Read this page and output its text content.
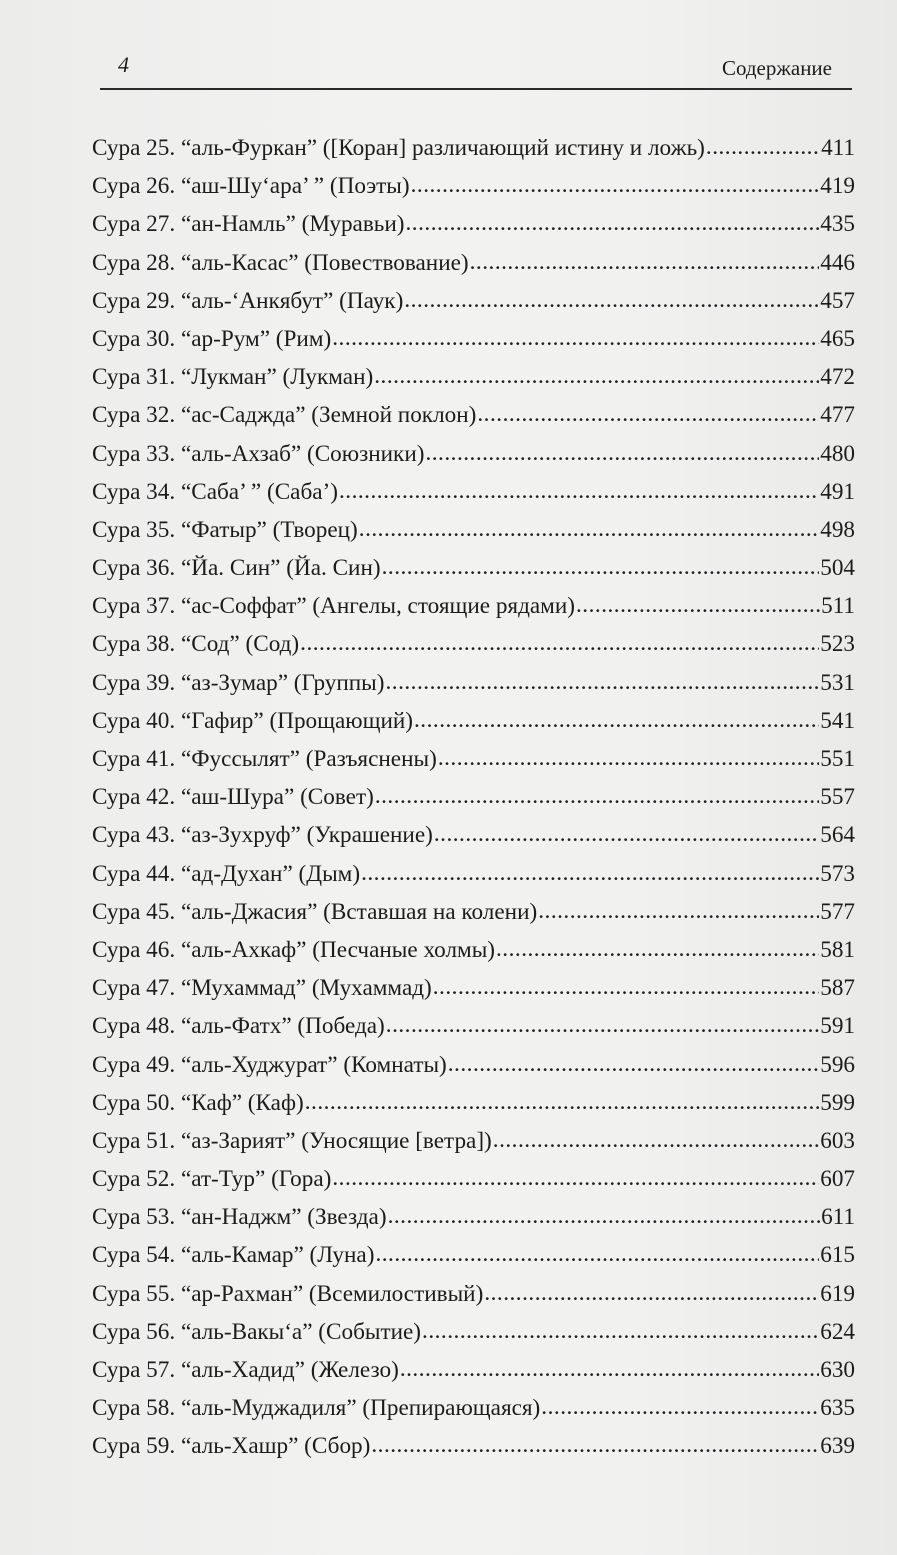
4	Содержание
Сура 25. “аль-Фуркан” ([Коран] различающий истину и ложь) .....	411
Сура 26. “аш-Шу‘ара’ ” (Поэты) .....	419
Сура 27. “ан-Намль” (Муравьи) .....	435
Сура 28. “аль-Касас” (Повествование) .....	446
Сура 29. “аль-‘Анкябут” (Паук) .....	457
Сура 30. “ар-Рум” (Рим) .....	465
Сура 31. “Лукман” (Лукман) .....	472
Сура 32. “ас-Саджда” (Земной поклон) .....	477
Сура 33. “аль-Ахзаб” (Союзники) .....	480
Сура 34. “Саба’ ” (Саба’) .....	491
Сура 35. “Фатыр” (Творец) .....	498
Сура 36. “Йа. Син” (Йа. Син) .....	504
Сура 37. “ас-Соффат” (Ангелы, стоящие рядами) .....	511
Сура 38. “Сод” (Сод) .....	523
Сура 39. “аз-Зумар” (Группы) .....	531
Сура 40. “Гафир” (Прощающий) .....	541
Сура 41. “Фуссылят” (Разъяснены) .....	551
Сура 42. “аш-Шура” (Совет) .....	557
Сура 43. “аз-Зухруф” (Украшение) .....	564
Сура 44. “ад-Духан” (Дым) .....	573
Сура 45. “аль-Джасия” (Вставшая на колени) .....	577
Сура 46. “аль-Ахкаф” (Песчаные холмы) .....	581
Сура 47. “Мухаммад” (Мухаммад) .....	587
Сура 48. “аль-Фатх” (Победа) .....	591
Сура 49. “аль-Худжурат” (Комнаты) .....	596
Сура 50. “Каф” (Каф) .....	599
Сура 51. “аз-Зарият” (Уносящие [ветра]) .....	603
Сура 52. “ат-Тур” (Гора) .....	607
Сура 53. “ан-Наджм” (Звезда) .....	611
Сура 54. “аль-Камар” (Луна) .....	615
Сура 55. “ар-Рахман” (Всемилостивый) .....	619
Сура 56. “аль-Вакы‘а” (Событие) .....	624
Сура 57. “аль-Хадид” (Железо) .....	630
Сура 58. “аль-Муджадиля” (Препирающаяся) .....	635
Сура 59. “аль-Хашр” (Сбор) .....	639
